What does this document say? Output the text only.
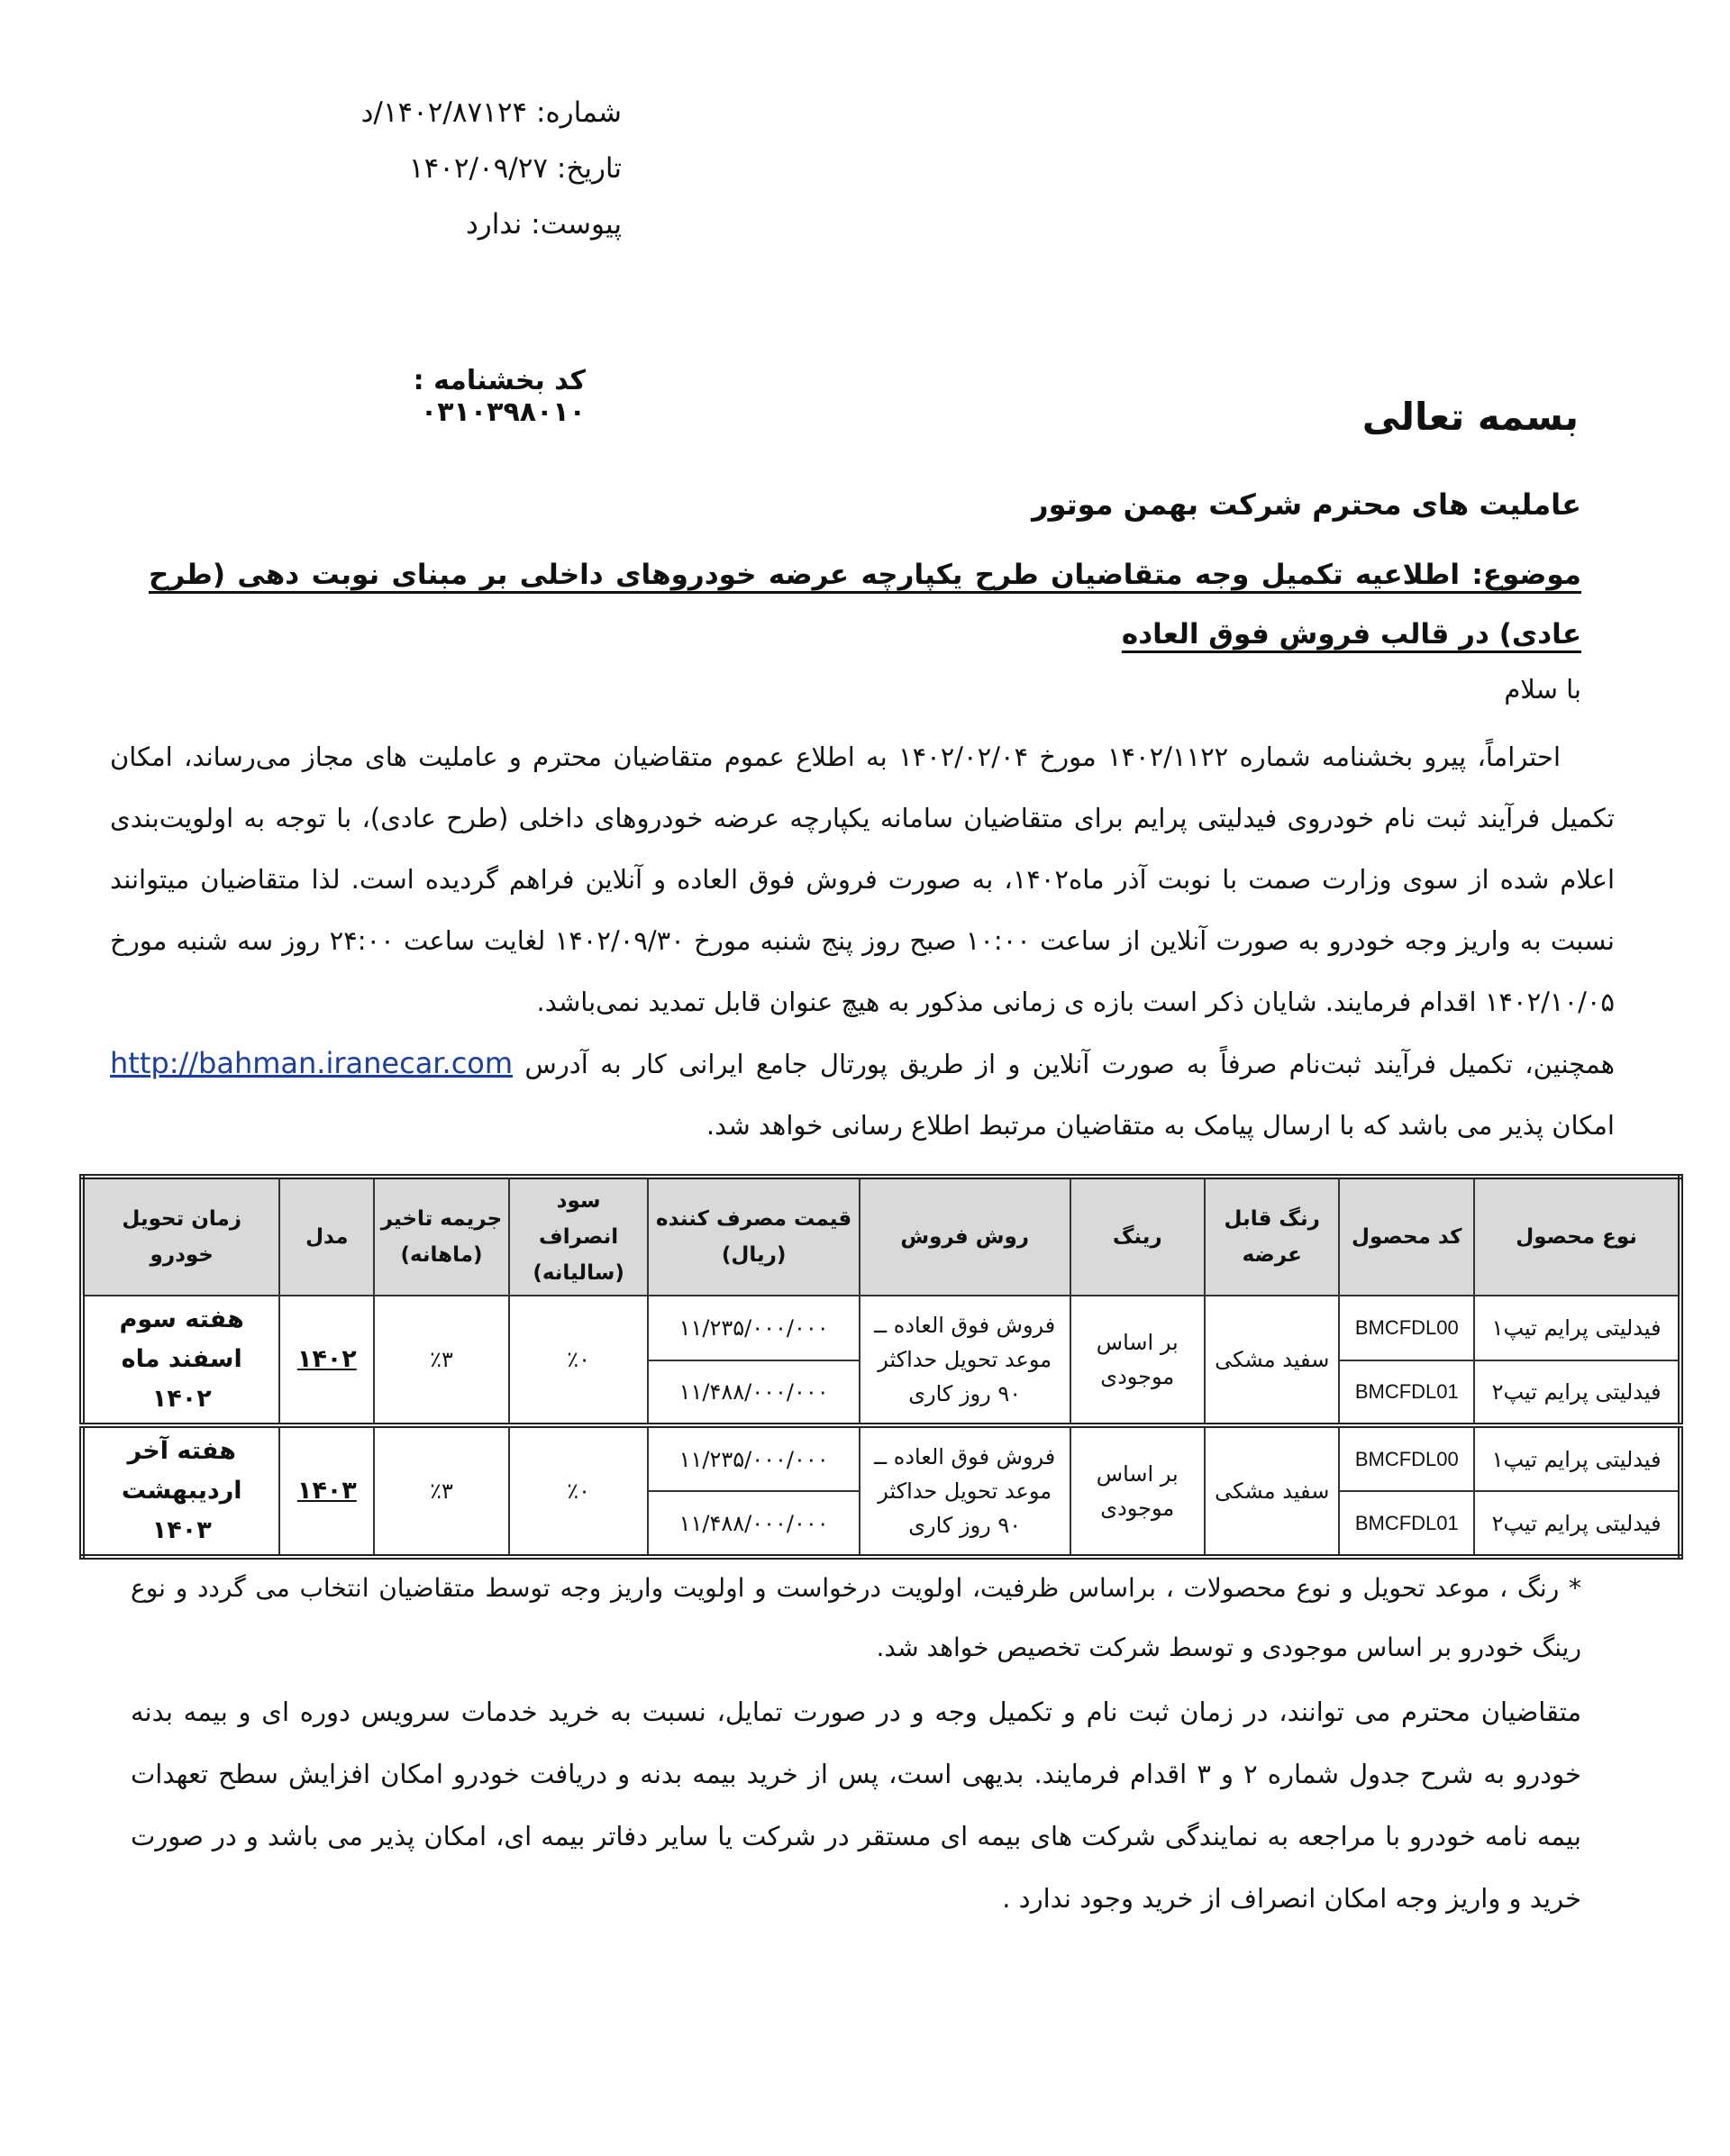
شماره: ۱۴۰۲/۸۷۱۲۴/د
تاریخ: ۱۴۰۲/۰۹/۲۷
پیوست: ندارد
کد بخشنامه : ۰۳۱۰۳۹۸۰۱۰	بسمه تعالی
عاملیت های محترم شرکت بهمن موتور
موضوع: اطلاعیه تکمیل وجه متقاضیان طرح یکپارچه عرضه خودروهای داخلی بر مبنای نوبت دهی (طرح عادی) در قالب فروش فوق العاده
با سلام
احتراماً، پیرو بخشنامه شماره ۱۴۰۲/۱۱۲۲ مورخ ۱۴۰۲/۰۲/۰۴ به اطلاع عموم متقاضیان محترم و عاملیت های مجاز می‌رساند، امکان تکمیل فرآیند ثبت نام خودروی فیدلیتی پرایم برای متقاضیان سامانه یکپارچه عرضه خودروهای داخلی (طرح عادی)، با توجه به اولویت‌بندی اعلام شده از سوی وزارت صمت با نوبت آذر ماه۱۴۰۲، به صورت فروش فوق العاده و آنلاین فراهم گردیده است. لذا متقاضیان میتوانند نسبت به واریز وجه خودرو به صورت آنلاین از ساعت ۱۰:۰۰ صبح روز پنج شنبه مورخ ۱۴۰۲/۰۹/۳۰ لغایت ساعت ۲۴:۰۰ روز سه شنبه مورخ ۱۴۰۲/۱۰/۰۵ اقدام فرمایند. شایان ذکر است بازه ی زمانی مذکور به هیچ عنوان قابل تمدید نمی‌باشد.
همچنین، تکمیل فرآیند ثبت‌نام صرفاً به صورت آنلاین و از طریق پورتال جامع ایرانی کار به آدرس http://bahman.iranecar.com امکان پذیر می باشد که با ارسال پیامک به متقاضیان مرتبط اطلاع رسانی خواهد شد.
نوع محصول	کد محصول	رنگ قابل عرضه	رینگ	روش فروش	قیمت مصرف کننده (ریال)	سود انصراف (سالیانه)	جریمه تاخیر (ماهانه)	مدل	زمان تحویل خودرو
فیدلیتی پرایم تیپ۱	BMCFDL00	سفید مشکی	بر اساس موجودی	فروش فوق العاده ــ موعد تحویل حداکثر ۹۰ روز کاری	۱۱/۲۳۵/۰۰۰/۰۰۰	٪۰	٪۳	۱۴۰۲	هفته سوم اسفند ماه ۱۴۰۲
فیدلیتی پرایم تیپ۲	BMCFDL01				۱۱/۴۸۸/۰۰۰/۰۰۰				
فیدلیتی پرایم تیپ۱	BMCFDL00	سفید مشکی	بر اساس موجودی	فروش فوق العاده ــ موعد تحویل حداکثر ۹۰ روز کاری	۱۱/۲۳۵/۰۰۰/۰۰۰	٪۰	٪۳	۱۴۰۳	هفته آخر اردیبهشت ۱۴۰۳
فیدلیتی پرایم تیپ۲	BMCFDL01				۱۱/۴۸۸/۰۰۰/۰۰۰				
* رنگ ، موعد تحویل و نوع محصولات ، براساس ظرفیت، اولویت درخواست و اولویت واریز وجه توسط متقاضیان انتخاب می گردد و نوع رینگ خودرو بر اساس موجودی و توسط شرکت تخصیص خواهد شد.
متقاضیان محترم می توانند، در زمان ثبت نام و تکمیل وجه و در صورت تمایل، نسبت به خرید خدمات سرویس دوره ای و بیمه بدنه خودرو به شرح جدول شماره ۲ و ۳ اقدام فرمایند. بدیهی است، پس از خرید بیمه بدنه و دریافت خودرو امکان افزایش سطح تعهدات بیمه نامه خودرو با مراجعه به نمایندگی شرکت های بیمه ای مستقر در شرکت یا سایر دفاتر بیمه ای، امکان پذیر می باشد و در صورت خرید و واریز وجه امکان انصراف از خرید وجود ندارد .
